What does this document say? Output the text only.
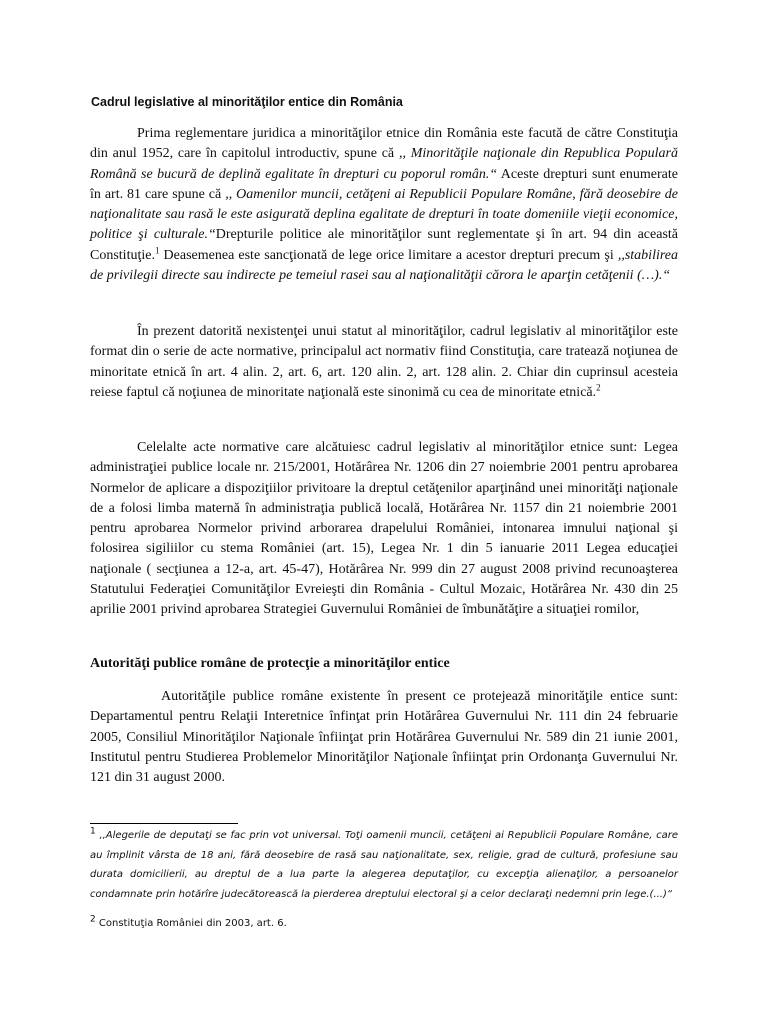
Cadrul legislative al minorităţilor entice din România

Prima reglementare juridica a minorităţilor etnice din România este facută de către Constituţia din anul 1952, care în capitolul introductiv, spune că ,, Minorităţile naţionale din Republica Populară Română se bucură de deplină egalitate în drepturi cu poporul român.“ Aceste drepturi sunt enumerate în art. 81 care spune că ,, Oamenilor muncii, cetăţeni ai Republicii Populare Române, fără deosebire de naţionalitate sau rasă le este asigurată deplina egalitate de drepturi în toate domeniile vieţii economice, politice şi culturale.“Drepturile politice ale minorităţilor sunt reglementate şi în art. 94 din această Constituţie.$^1$ Deasemenea este sancţionată de lege orice limitare a acestor drepturi precum şi ,,stabilirea de privilegii directe sau indirecte pe temeiul rasei sau al naţionalităţii cărora le aparţin cetăţenii (…).“

În prezent datorită nexistenţei unui statut al minorităţilor, cadrul legislativ al minorităţilor este format din o serie de acte normative, principalul act normativ fiind Constituţia, care tratează noţiunea de minoritate etnică în art. 4 alin. 2, art. 6, art. 120 alin. 2, art. 128 alin. 2. Chiar din cuprinsul acesteia reiese faptul că noţiunea de minoritate naţională este sinonimă cu cea de minoritate etnică.$^2$

Celelalte acte normative care alcătuiesc cadrul legislativ al minorităţilor etnice sunt: Legea administraţiei publice locale nr. 215/2001, Hotărârea Nr. 1206 din 27 noiembrie 2001 pentru aprobarea Normelor de aplicare a dispoziţiilor privitoare la dreptul cetăţenilor aparţinând unei minorităţi naţionale de a folosi limba maternă în administraţia publică locală, Hotărârea Nr. 1157 din 21 noiembrie 2001 pentru aprobarea Normelor privind arborarea drapelului României, intonarea imnului naţional şi folosirea sigiliilor cu stema României (art. 15), Legea Nr. 1 din 5 ianuarie 2011 Legea educaţiei naţionale ( secţiunea a 12-a, art. 45-47), Hotărârea Nr. 999 din 27 august 2008 privind recunoaşterea Statutului Federaţiei Comunităţilor Evreieşti din România - Cultul Mozaic, Hotărârea Nr. 430 din 25 aprilie 2001 privind aprobarea Strategiei Guvernului României de îmbunătăţire a situaţiei romilor,

Autorităţi publice române de protecţie a minorităţilor entice

Autorităţile publice române existente în present ce protejează minorităţile entice sunt: Departamentul pentru Relaţii Interetnice înfinţat prin Hotărârea Guvernului Nr. 111 din 24 februarie 2005, Consiliul Minorităţilor Naţionale înfiinţat prin Hotărârea Guvernului Nr. 589 din 21 iunie 2001, Institutul pentru Studierea Problemelor Minorităţilor Naţionale înfiinţat prin Ordonanţa Guvernului Nr. 121 din 31 august 2000.

$^1$ ,,Alegerile de deputaţi se fac prin vot universal. Toţi oamenii muncii, cetăţeni ai Republicii Populare Române, care au împlinit vârsta de 18 ani, fără deosebire de rasă sau naţionalitate, sex, religie, grad de cultură, profesiune sau durata domicilierii, au dreptul de a lua parte la alegerea deputaţilor, cu excepţia alienaţilor, a persoanelor condamnate prin hotărîre judecătorească la pierderea dreptului electoral şi a celor declaraţi nedemni prin lege.(...)“

$^2$ Constituţia României din 2003, art. 6.
